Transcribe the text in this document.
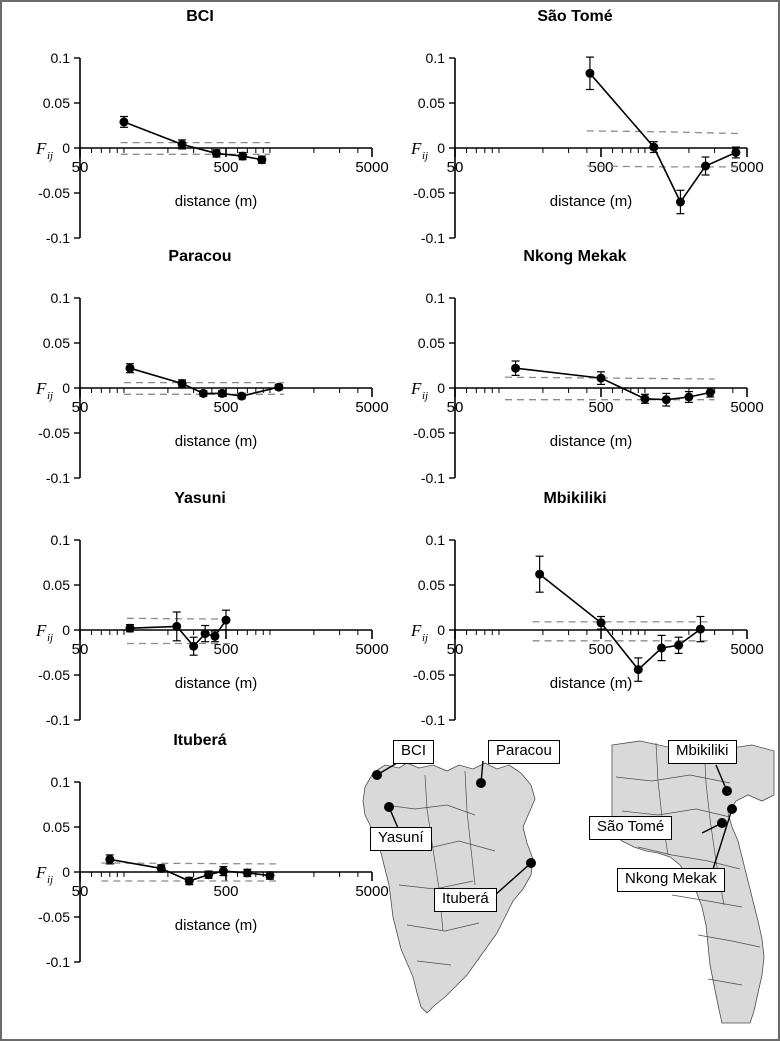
BCI
0.1
0.05
0
-0.05
-0.1
50	500	5000
F ij
distance (m)
São Tomé
0.1
0.05
0
-0.05
-0.1
50	500	5000
F ij
distance (m)
Paracou
0.1
0.05
0
-0.05
-0.1
50	500	5000
F ij
distance (m)
Nkong Mekak
0.1
0.05
0
-0.05
-0.1
50	500	5000
F ij
distance (m)
Yasuni
0.1
0.05
0
-0.05
-0.1
50	500	5000
F ij
distance (m)
Mbikiliki
0.1
0.05
0
-0.05
-0.1
50	500	5000
F ij
distance (m)
Ituberá
0.1
0.05
0
-0.05
-0.1
50	500	5000
F ij
distance (m)
BCI	Paracou
Yasuní
Ituberá
Mbikiliki
São Tomé
Nkong Mekak
